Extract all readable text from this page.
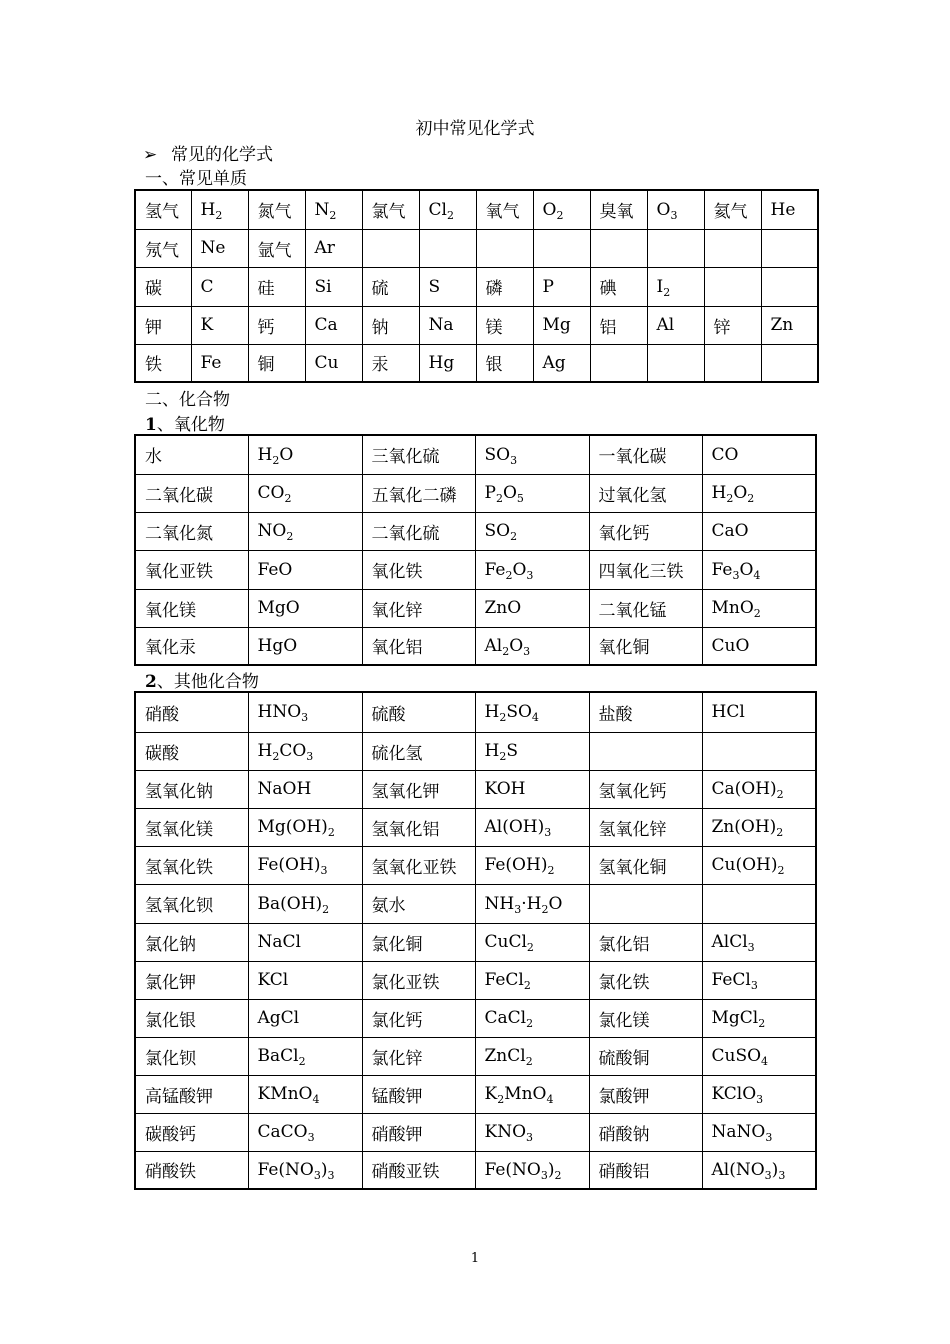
初中常见化学式
➢ 常见的化学式
一、常见单质
氢气	$H_2$	氮气	$N_2$	氯气	$Cl_2$	氧气	$O_2$	臭氧	$O_3$	氦气	He
氖气	Ne	氩气	Ar								
碳	C	硅	Si	硫	S	磷	P	碘	$I_2$		
钾	K	钙	Ca	钠	Na	镁	Mg	铝	Al	锌	Zn
铁	Fe	铜	Cu	汞	Hg	银	Ag				
二、化合物
1、氧化物
水	$H_2O$	三氧化硫	$SO_3$	一氧化碳	CO
二氧化碳	$CO_2$	五氧化二磷	$P_2O_5$	过氧化氢	$H_2O_2$
二氧化氮	$NO_2$	二氧化硫	$SO_2$	氧化钙	CaO
氧化亚铁	FeO	氧化铁	$Fe_2O_3$	四氧化三铁	$Fe_3O_4$
氧化镁	MgO	氧化锌	ZnO	二氧化锰	MnO$_2$
氧化汞	HgO	氧化铝	$Al_2O_3$	氧化铜	CuO
2、其他化合物
硝酸	$HNO_3$	硫酸	$H_2SO_4$	盐酸	HCl
碳酸	$H_2CO_3$	硫化氢	$H_2S$		
氢氧化钠	NaOH	氢氧化钾	KOH	氢氧化钙	$Ca(OH)_2$
氢氧化镁	$Mg(OH)_2$	氢氧化铝	$Al(OH)_3$	氢氧化锌	$Zn(OH)_2$
氢氧化铁	$Fe(OH)_3$	氢氧化亚铁	$Fe(OH)_2$	氢氧化铜	$Cu(OH)_2$
氢氧化钡	$Ba(OH)_2$	氨水	$NH_3\cdot H_2O$		
氯化钠	NaCl	氯化铜	CuCl$_2$	氯化铝	AlCl$_3$
氯化钾	KCl	氯化亚铁	FeCl$_2$	氯化铁	FeCl$_3$
氯化银	AgCl	氯化钙	CaCl$_2$	氯化镁	MgCl$_2$
氯化钡	BaCl$_2$	氯化锌	ZnCl$_2$	硫酸铜	CuSO$_4$
高锰酸钾	KMnO$_4$	锰酸钾	$K_2MnO_4$	氯酸钾	KClO$_3$
碳酸钙	CaCO$_3$	硝酸钾	$KNO_3$	硝酸钠	NaNO$_3$
硝酸铁	$Fe(NO_3)_3$	硝酸亚铁	$Fe(NO_3)_2$	硝酸铝	$Al(NO_3)_3$
1
